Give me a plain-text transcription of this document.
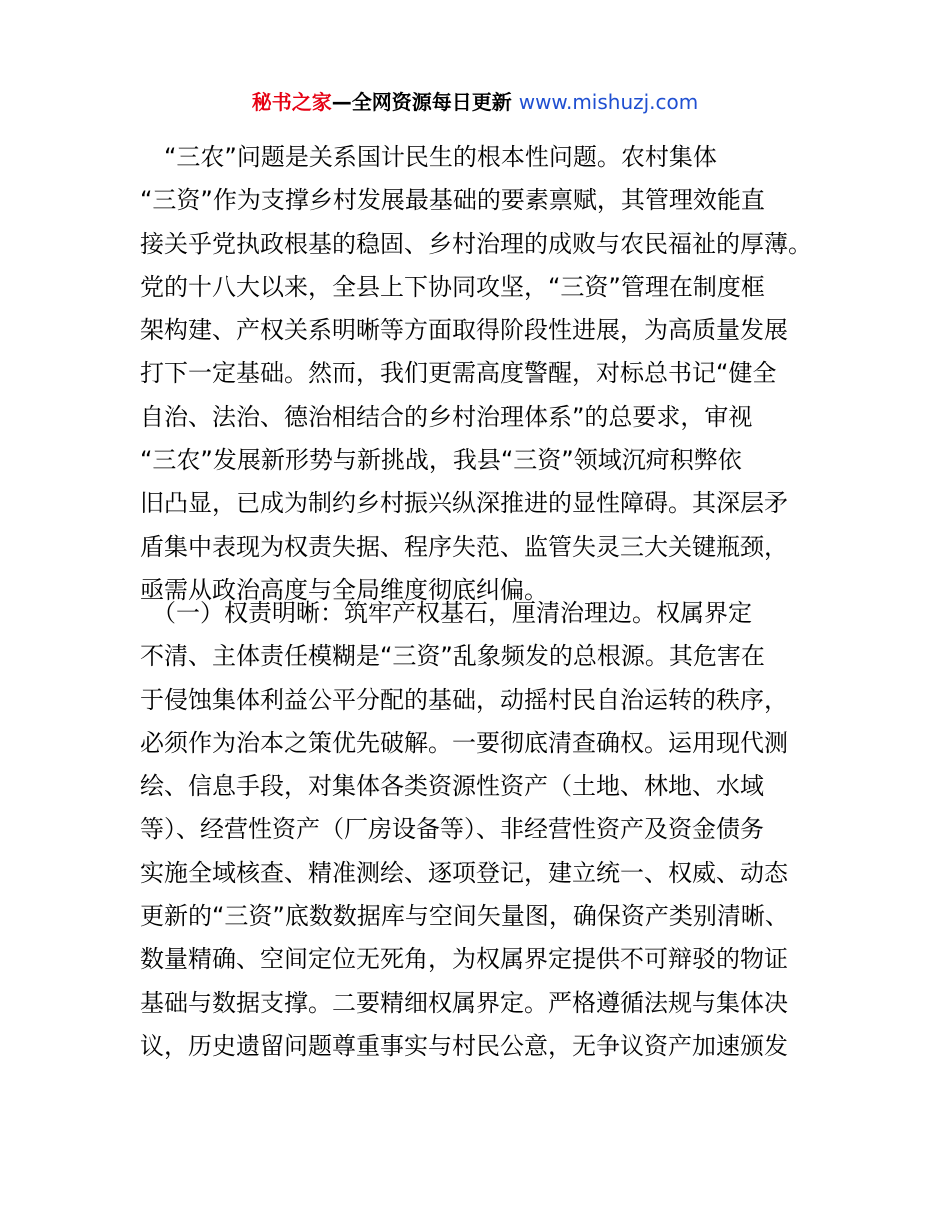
秘书之家—全网资源每日更新 www.mishuzj.com
　“三农”问题是关系国计民生的根本性问题。农村集体
“三资”作为支撑乡村发展最基础的要素禀赋，其管理效能直
接关乎党执政根基的稳固、乡村治理的成败与农民福祉的厚薄。
党的十八大以来，全县上下协同攻坚，“三资”管理在制度框
架构建、产权关系明晰等方面取得阶段性进展，为高质量发展
打下一定基础。然而，我们更需高度警醒，对标总书记“健全
自治、法治、德治相结合的乡村治理体系”的总要求，审视
“三农”发展新形势与新挑战，我县“三资”领域沉疴积弊依
旧凸显，已成为制约乡村振兴纵深推进的显性障碍。其深层矛
盾集中表现为权责失据、程序失范、监管失灵三大关键瓶颈，
亟需从政治高度与全局维度彻底纠偏。
　（一）权责明晰：筑牢产权基石，厘清治理边。权属界定
不清、主体责任模糊是“三资”乱象频发的总根源。其危害在
于侵蚀集体利益公平分配的基础，动摇村民自治运转的秩序，
必须作为治本之策优先破解。一要彻底清查确权。运用现代测
绘、信息手段，对集体各类资源性资产（土地、林地、水域
等）、经营性资产（厂房设备等）、非经营性资产及资金债务
实施全域核查、精准测绘、逐项登记，建立统一、权威、动态
更新的“三资”底数数据库与空间矢量图，确保资产类别清晰、
数量精确、空间定位无死角，为权属界定提供不可辩驳的物证
基础与数据支撑。二要精细权属界定。严格遵循法规与集体决
议，历史遗留问题尊重事实与村民公意，无争议资产加速颁发
